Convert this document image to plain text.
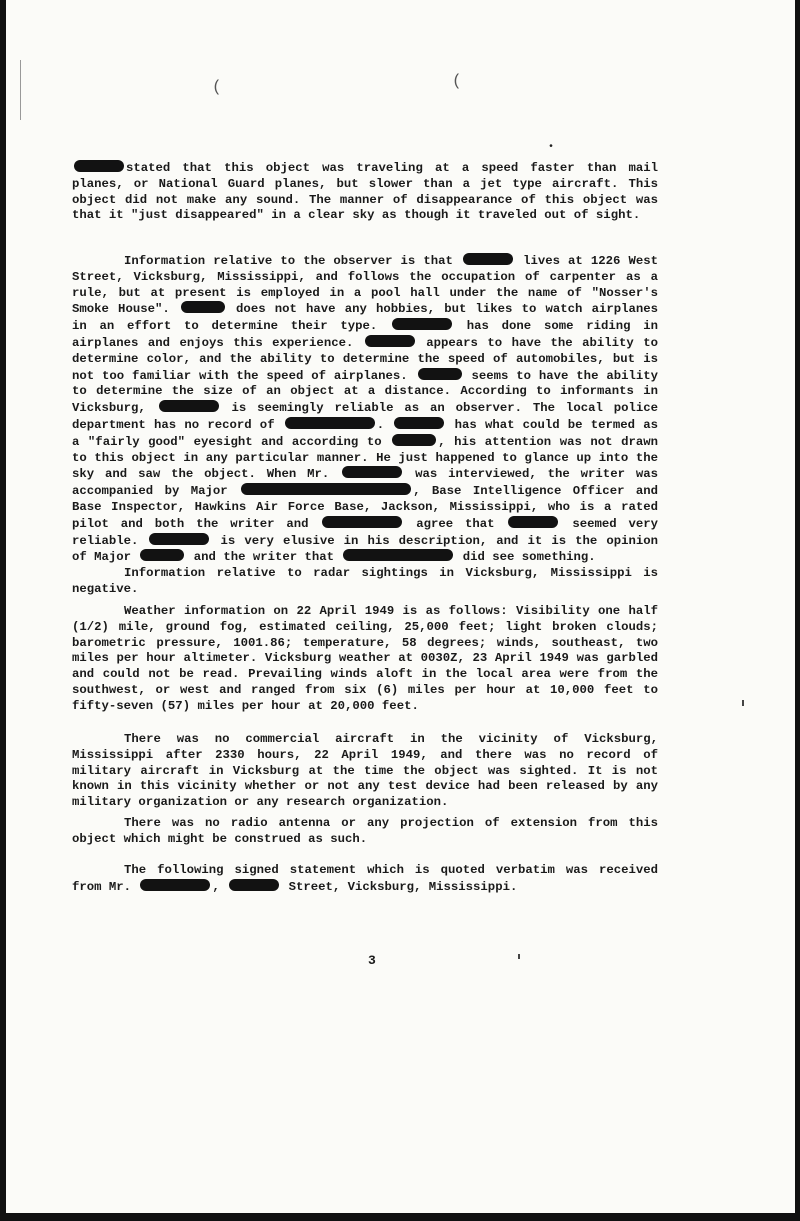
(	(
•

stated that this object was traveling at a speed faster than mail planes, or National Guard planes, but slower than a jet type aircraft. This object did not make any sound. The manner of disappearance of this object was that it "just disappeared" in a clear sky as though it traveled out of sight.

Information relative to the observer is that	lives at 1226 West Street, Vicksburg, Mississippi, and follows the occupation of carpenter as a rule, but at present is employed in a pool hall under the name of "Nosser's Smoke House".	does not have any hobbies, but likes to watch airplanes in an effort to determine their type.	has done some riding in airplanes and enjoys this experience.	appears to have the ability to determine color, and the ability to determine the speed of automobiles, but is not too familiar with the speed of airplanes.	seems to have the ability to determine the size of an object at a distance. According to informants in Vicksburg,	is seemingly reliable as an observer. The local police department has no record of	.	has what could be termed as a "fairly good" eyesight and according to	, his attention was not drawn to this object in any particular manner. He just happened to glance up into the sky and saw the object. When Mr.	was interviewed, the writer was accompanied by Major	, Base Intelligence Officer and Base Inspector, Hawkins Air Force Base, Jackson, Mississippi, who is a rated pilot and both the writer and	agree that	seemed very reliable.	is very elusive in his description, and it is the opinion of Major	and the writer that	did see something.

Information relative to radar sightings in Vicksburg, Mississippi is negative.

Weather information on 22 April 1949 is as follows: Visibility one half (1/2) mile, ground fog, estimated ceiling, 25,000 feet; light broken clouds; barometric pressure, 1001.86; temperature, 58 degrees; winds, southeast, two miles per hour altimeter. Vicksburg weather at 0030Z, 23 April 1949 was garbled and could not be read. Prevailing winds aloft in the local area were from the southwest, or west and ranged from six (6) miles per hour at 10,000 feet to fifty-seven (57) miles per hour at 20,000 feet.

There was no commercial aircraft in the vicinity of Vicksburg, Mississippi after 2330 hours, 22 April 1949, and there was no record of military aircraft in Vicksburg at the time the object was sighted. It is not known in this vicinity whether or not any test device had been released by any military organization or any research organization.

There was no radio antenna or any projection of extension from this object which might be construed as such.

The following signed statement which is quoted verbatim was received from Mr.	,	Street, Vicksburg, Mississippi.

3
